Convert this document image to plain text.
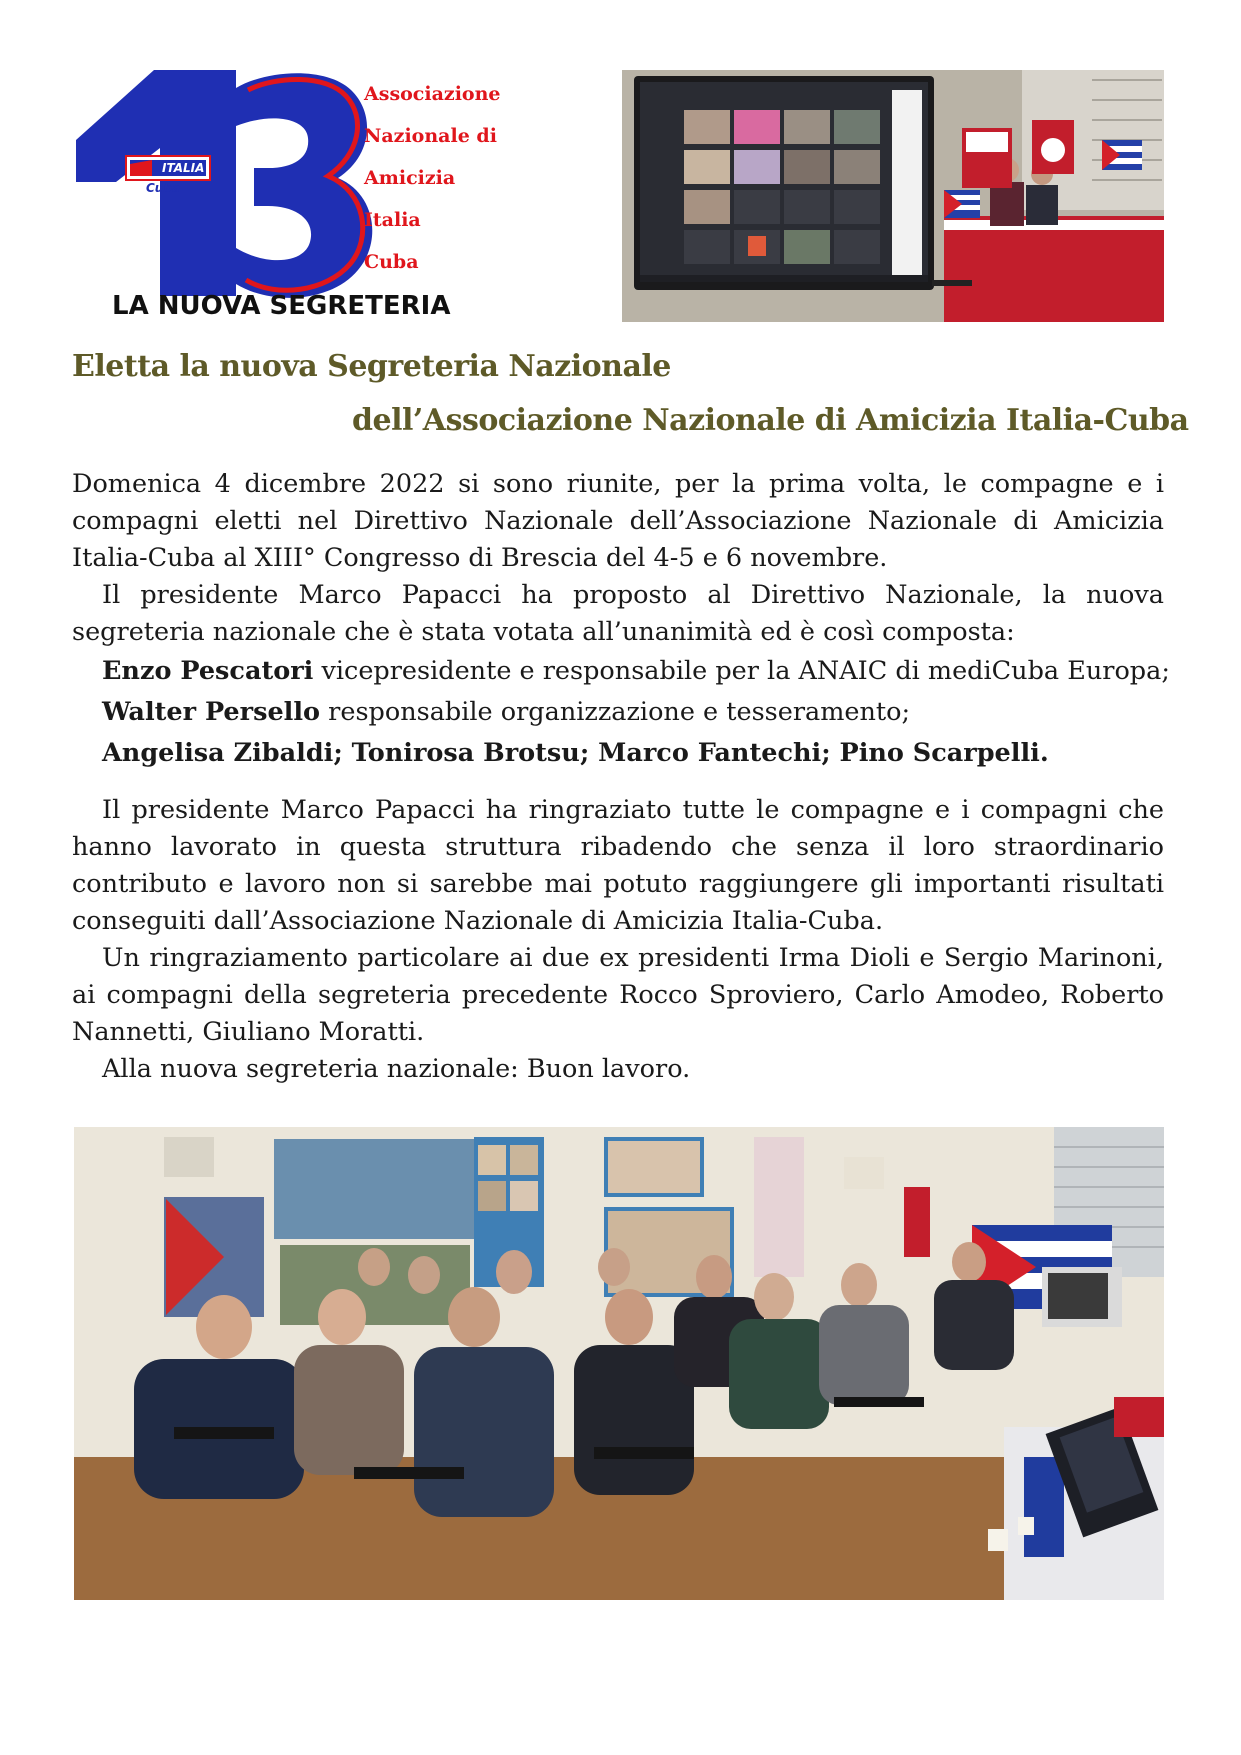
ITALIA
Cuba
Associazione
Nazionale di
Amicizia
Italia
Cuba
LA NUOVA SEGRETERIA
Eletta la nuova Segreteria Nazionale
dell’Associazione Nazionale di Amicizia Italia-Cuba

Domenica 4 dicembre 2022 si sono riunite, per la prima volta, le compagne e i compagni eletti nel Direttivo Nazionale dell’Associazione Nazionale di Amicizia Italia-Cuba al XIII° Congresso di Brescia del 4-5 e 6 novembre.

Il presidente Marco Papacci ha proposto al Direttivo Nazionale, la nuova segreteria nazionale che è stata votata all’unanimità ed è così composta:

Enzo Pescatori vicepresidente e responsabile per la ANAIC di mediCuba Europa;

Walter Persello responsabile organizzazione e tesseramento;

Angelisa Zibaldi; Tonirosa Brotsu; Marco Fantechi; Pino Scarpelli.

Il presidente Marco Papacci ha ringraziato tutte le compagne e i compagni che hanno lavorato in questa struttura ribadendo che senza il loro straordinario contributo e lavoro non si sarebbe mai potuto raggiungere gli importanti risultati conseguiti dall’Associazione Nazionale di Amicizia Italia-Cuba.

Un ringraziamento particolare ai due ex presidenti Irma Dioli e Sergio Marinoni, ai compagni della segreteria precedente Rocco Sproviero, Carlo Amodeo, Roberto Nannetti, Giuliano Moratti.

Alla nuova segreteria nazionale: Buon lavoro.
